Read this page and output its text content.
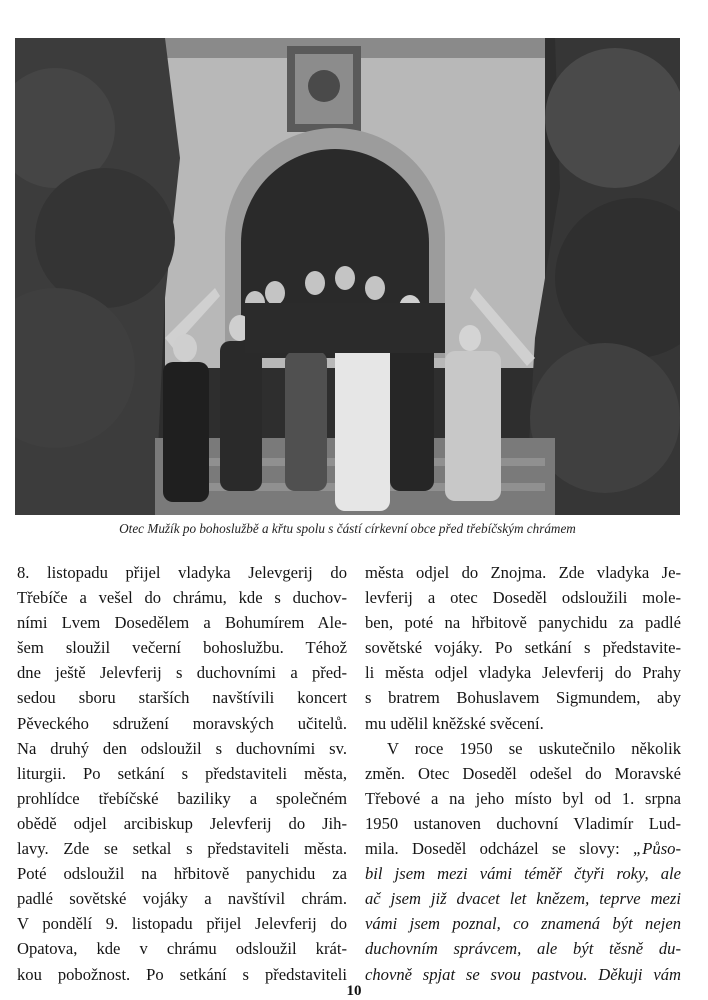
Otec Mužík po bohoslužbě a křtu spolu s částí církevní obce před třebíčským chrámem
8. listopadu přijel vladyka Jelevgerij do
Třebíče a vešel do chrámu, kde s duchov-
ními Lvem Dosedělem a Bohumírem Ale-
šem sloužil večerní bohoslužbu. Téhož
dne ještě Jelevferij s duchovními a před-
sedou sboru starších navštívili koncert
Pěveckého sdružení moravských učitelů.
Na druhý den odsloužil s duchovními sv.
liturgii. Po setkání s představiteli města,
prohlídce třebíčské baziliky a společném
obědě odjel arcibiskup Jelevferij do Jih-
lavy. Zde se setkal s představiteli města.
Poté odsloužil na hřbitově panychidu za
padlé sovětské vojáky a navštívil chrám.
V pondělí 9. listopadu přijel Jelevferij do
Opatova, kde v chrámu odsloužil krát-
kou pobožnost. Po setkání s představiteli
města odjel do Znojma. Zde vladyka Je-
levferij a otec Doseděl odsloužili mole-
ben, poté na hřbitově panychidu za padlé
sovětské vojáky. Po setkání s představite-
li města odjel vladyka Jelevferij do Prahy
s bratrem Bohuslavem Sigmundem, aby
mu udělil kněžské svěcení.
V roce 1950 se uskutečnilo několik
změn. Otec Doseděl odešel do Moravské
Třebové a na jeho místo byl od 1. srpna
1950 ustanoven duchovní Vladimír Lud-
mila. Doseděl odcházel se slovy: „Půso-
bil jsem mezi vámi téměř čtyři roky, ale
ač jsem již dvacet let knězem, teprve mezi
vámi jsem poznal, co znamená být nejen
duchovním správcem, ale být těsně du-
chovně spjat se svou pastvou. Děkuji vám
10
